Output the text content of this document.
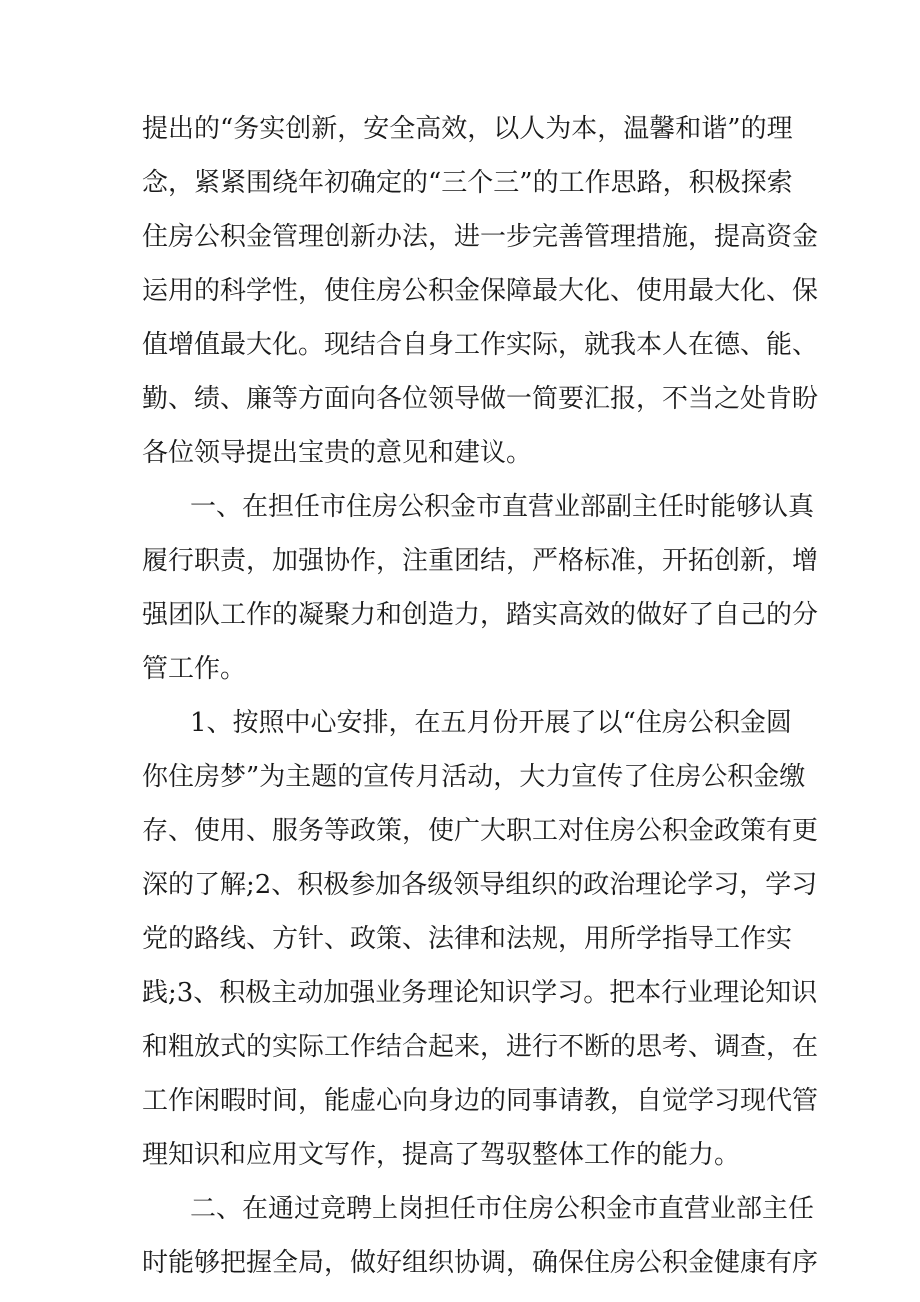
提出的“务实创新，安全高效，以人为本，温馨和谐”的理

念，紧紧围绕年初确定的“三个三”的工作思路，积极探索

住房公积金管理创新办法，进一步完善管理措施，提高资金

运用的科学性，使住房公积金保障最大化、使用最大化、保

值增值最大化。现结合自身工作实际，就我本人在德、能、

勤、绩、廉等方面向各位领导做一简要汇报，不当之处肯盼

各位领导提出宝贵的意见和建议。

一、在担任市住房公积金市直营业部副主任时能够认真

履行职责，加强协作，注重团结，严格标准，开拓创新，增

强团队工作的凝聚力和创造力，踏实高效的做好了自己的分

管工作。

1、按照中心安排，在五月份开展了以“住房公积金圆

你住房梦”为主题的宣传月活动，大力宣传了住房公积金缴

存、使用、服务等政策，使广大职工对住房公积金政策有更

深的了解;2、积极参加各级领导组织的政治理论学习，学习

党的路线、方针、政策、法律和法规，用所学指导工作实

践;3、积极主动加强业务理论知识学习。把本行业理论知识

和粗放式的实际工作结合起来，进行不断的思考、调查，在

工作闲暇时间，能虚心向身边的同事请教，自觉学习现代管

理知识和应用文写作，提高了驾驭整体工作的能力。

二、在通过竞聘上岗担任市住房公积金市直营业部主任

时能够把握全局，做好组织协调，确保住房公积金健康有序
